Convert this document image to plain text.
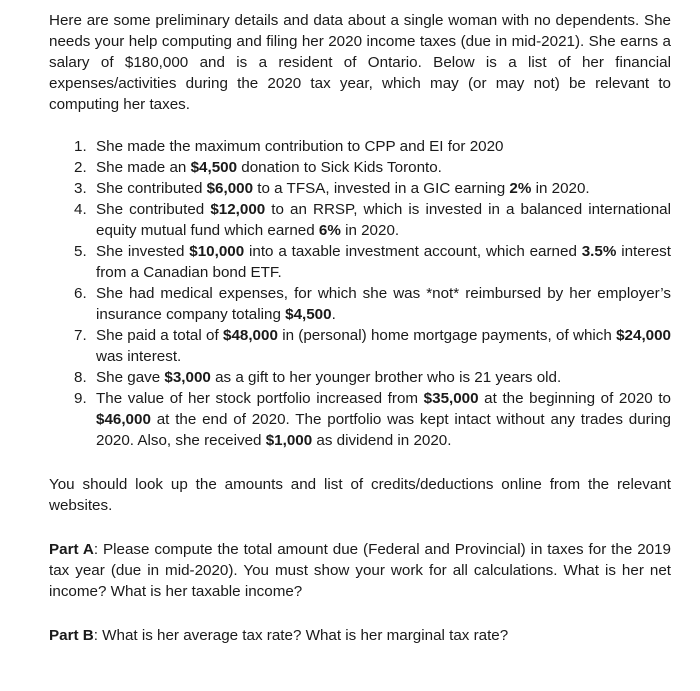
Here are some preliminary details and data about a single woman with no dependents. She needs your help computing and filing her 2020 income taxes (due in mid-2021). She earns a salary of $180,000 and is a resident of Ontario. Below is a list of her financial expenses/activities during the 2020 tax year, which may (or may not) be relevant to computing her taxes.

1. She made the maximum contribution to CPP and EI for 2020
2. She made an $4,500 donation to Sick Kids Toronto.
3. She contributed $6,000 to a TFSA, invested in a GIC earning 2% in 2020.
4. She contributed $12,000 to an RRSP, which is invested in a balanced international equity mutual fund which earned 6% in 2020.
5. She invested $10,000 into a taxable investment account, which earned 3.5% interest from a Canadian bond ETF.
6. She had medical expenses, for which she was *not* reimbursed by her employer’s insurance company totaling $4,500.
7. She paid a total of $48,000 in (personal) home mortgage payments, of which $24,000 was interest.
8. She gave $3,000 as a gift to her younger brother who is 21 years old.
9. The value of her stock portfolio increased from $35,000 at the beginning of 2020 to $46,000 at the end of 2020. The portfolio was kept intact without any trades during 2020. Also, she received $1,000 as dividend in 2020.

You should look up the amounts and list of credits/deductions online from the relevant websites.

Part A: Please compute the total amount due (Federal and Provincial) in taxes for the 2019 tax year (due in mid-2020). You must show your work for all calculations. What is her net income? What is her taxable income?

Part B: What is her average tax rate? What is her marginal tax rate?
